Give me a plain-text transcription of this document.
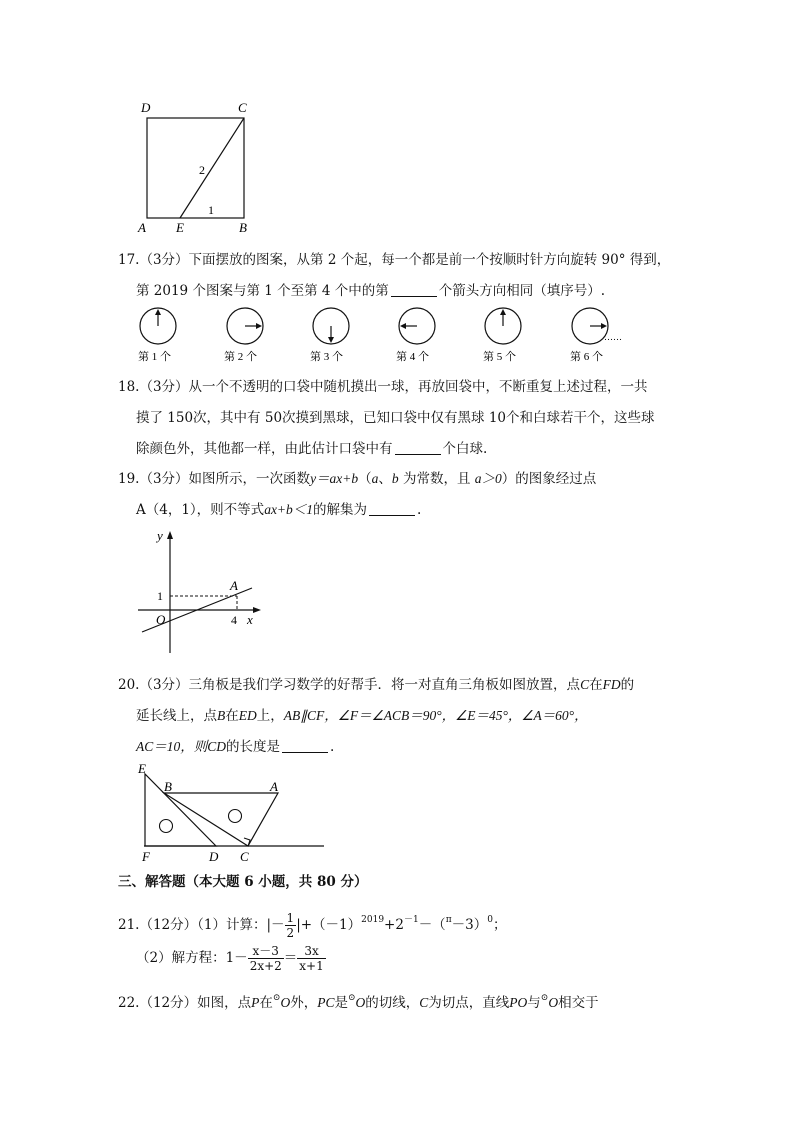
D	C
A E	B
2
1
17.（3分）下面摆放的图案，从第 2 个起，每一个都是前一个按顺时针方向旋转 90° 得到，
第 2019 个图案与第 1 个至第 4 个中的第	个箭头方向相同（填序号）.
第 1 个	第 2 个	第 3 个	第 4 个	第 5 个	第 6 个
……
18.（3分）从一个不透明的口袋中随机摸出一球，再放回袋中，不断重复上述过程，一共
摸了 150次，其中有 50次摸到黑球，已知口袋中仅有黑球 10个和白球若干个，这些球
除颜色外，其他都一样，由此估计口袋中有	个白球.
19.（3分）如图所示，一次函数y＝ax+b（a、b 为常数，且 a＞0）的图象经过点
A（4，1），则不等式ax+b＜1的解集为	.
y
x
O
A
1
4
20.（3分）三角板是我们学习数学的好帮手．将一对直角三角板如图放置，点C在FD的
延长线上，点B在ED上，AB∥CF，∠F＝∠ACB＝90°，∠E＝45°，∠A＝60°，
AC＝10，则CD的长度是	.
E
B	A
F	D C
三、解答题（本大题 6 小题，共 80 分）
21.（12分）（1）计算：|－ $\frac{1}{2} |+(-1)^{2019}+2^{-1}-(^\pi-3)^0$；
（2）解方程：$1- \frac{x-3}{2x+2} = \frac{3x}{x+1}$
22.（12分）如图，点P在⊙O外，PC是⊙O的切线，C为切点，直线PO与⊙O相交于
